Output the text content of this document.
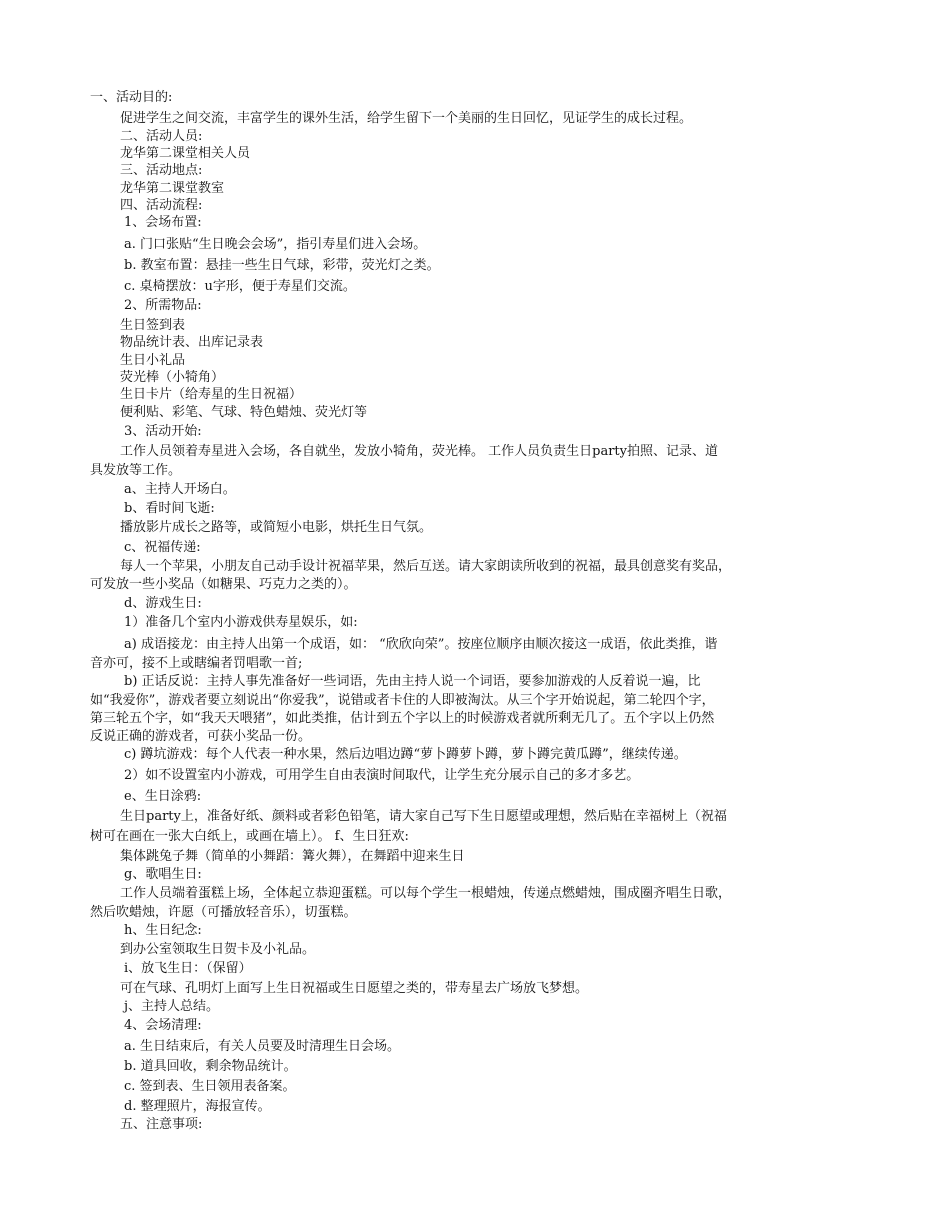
一、活动目的:
促进学生之间交流，丰富学生的课外生活，给学生留下一个美丽的生日回忆，见证学生的成长过程。
二、活动人员:
龙华第二课堂相关人员
三、活动地点:
龙华第二课堂教室
四、活动流程:
1、会场布置:
a. 门口张贴“生日晚会会场”，指引寿星们进入会场。
b. 教室布置：悬挂一些生日气球，彩带，荧光灯之类。
c. 桌椅摆放：u字形，便于寿星们交流。
2、所需物品:
生日签到表
物品统计表、出库记录表
生日小礼品
荧光棒（小犄角）
生日卡片（给寿星的生日祝福）
便利贴、彩笔、气球、特色蜡烛、荧光灯等
3、活动开始:
工作人员领着寿星进入会场，各自就坐，发放小犄角，荧光棒。 工作人员负责生日party拍照、记录、道
具发放等工作。
a、主持人开场白。
b、看时间飞逝:
播放影片成长之路等，或简短小电影，烘托生日气氛。
c、祝福传递:
每人一个苹果，小朋友自己动手设计祝福苹果，然后互送。请大家朗读所收到的祝福，最具创意奖有奖品，
可发放一些小奖品（如糖果、巧克力之类的）。
d、游戏生日:
1）准备几个室内小游戏供寿星娱乐，如:
a) 成语接龙：由主持人出第一个成语，如： “欣欣向荣”。按座位顺序由顺次接这一成语，依此类推，谐
音亦可，接不上或瞎编者罚唱歌一首;
b) 正话反说：主持人事先准备好一些词语，先由主持人说一个词语，要参加游戏的人反着说一遍，比
如“我爱你”，游戏者要立刻说出“你爱我”，说错或者卡住的人即被淘汰。从三个字开始说起，第二轮四个字，
第三轮五个字，如“我天天喂猪”，如此类推，估计到五个字以上的时候游戏者就所剩无几了。五个字以上仍然
反说正确的游戏者，可获小奖品一份。
c) 蹲坑游戏：每个人代表一种水果，然后边唱边蹲“萝卜蹲萝卜蹲，萝卜蹲完黄瓜蹲”，继续传递。
2）如不设置室内小游戏，可用学生自由表演时间取代，让学生充分展示自己的多才多艺。
e、生日涂鸦:
生日party上，准备好纸、颜料或者彩色铅笔，请大家自己写下生日愿望或理想，然后贴在幸福树上（祝福
树可在画在一张大白纸上，或画在墙上）。 f、生日狂欢:
集体跳兔子舞（简单的小舞蹈：篝火舞），在舞蹈中迎来生日
g、歌唱生日:
工作人员端着蛋糕上场，全体起立恭迎蛋糕。可以每个学生一根蜡烛，传递点燃蜡烛，围成圈齐唱生日歌，
然后吹蜡烛，许愿（可播放轻音乐），切蛋糕。
h、生日纪念:
到办公室领取生日贺卡及小礼品。
i、放飞生日：（保留）
可在气球、孔明灯上面写上生日祝福或生日愿望之类的，带寿星去广场放飞梦想。
j、主持人总结。
4、会场清理:
a. 生日结束后，有关人员要及时清理生日会场。
b. 道具回收，剩余物品统计。
c. 签到表、生日领用表备案。
d. 整理照片，海报宣传。
五、注意事项:
